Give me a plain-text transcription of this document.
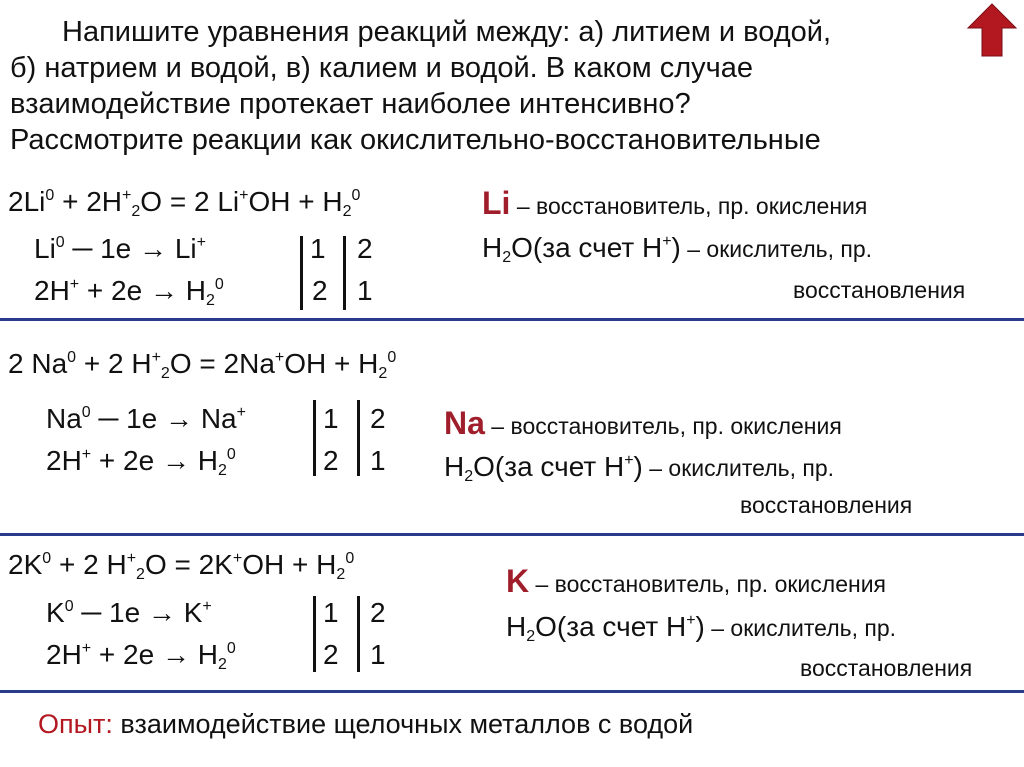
Напишите уравнения реакций между: а) литием и водой,
б) натрием и водой, в) калием и водой. В каком случае
взаимодействие протекает наиболее интенсивно?
Рассмотрите реакции как окислительно-восстановительные
$2Li^0 + 2H^+_2O = 2$ $Li^+OH + H_2^0$
Li$^0$ ─ 1e → Li+
$2H^+ + 2e \to H_2^0$
1 2
2 1
Li – восстановитель, пр. окисления
$H_2O(за$ счет H+) – окислитель, пр.
восстановления
2 $Na^0 + 2$ $H^+_2O = 2Na^+OH + H_2^0$
Na$^0$ ─ 1e → Na+
$2H^+ + 2e \to H_2^0$
1 2
2 1
Na – восстановитель, пр. окисления
$H_2O(за$ счет H+) – окислитель, пр.
восстановления
$2K^0 + 2$ $H^+_2O = 2K^+OH + H_2^0$
$K^0$ ─ 1e → K+
$2H^+ + 2e \to H_2^0$
1 2
2 1
K – восстановитель, пр. окисления
$H_2O(за$ счет H+) – окислитель, пр.
восстановления
Опыт: взаимодействие щелочных металлов с водой
